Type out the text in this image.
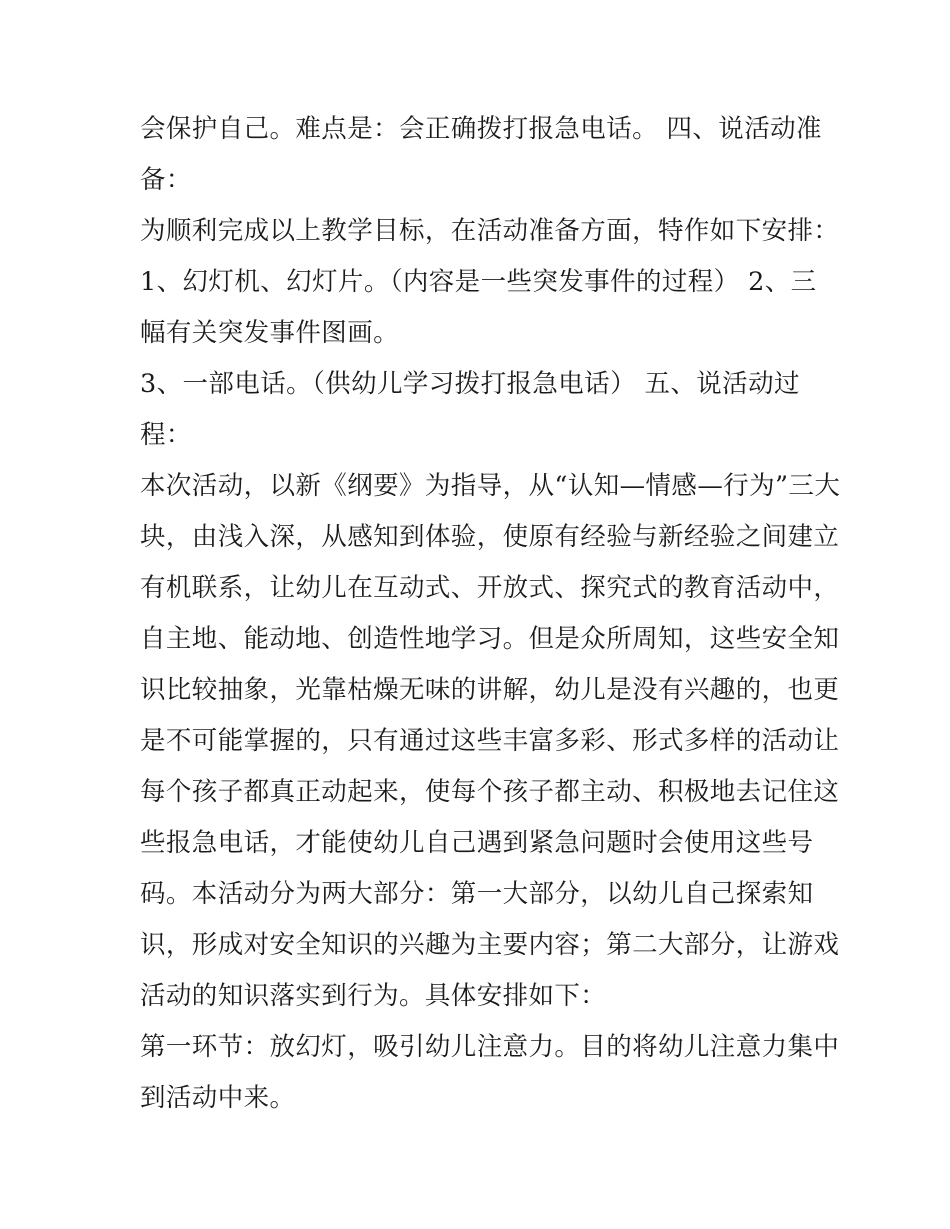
会保护自己。难点是：会正确拨打报急电话。 四、说活动准
备：
为顺利完成以上教学目标，在活动准备方面，特作如下安排：
1、幻灯机、幻灯片。（内容是一些突发事件的过程） 2、三
幅有关突发事件图画。
3、一部电话。（供幼儿学习拨打报急电话） 五、说活动过
程：
本次活动，以新《纲要》为指导，从“认知—情感—行为”三大
块，由浅入深，从感知到体验，使原有经验与新经验之间建立
有机联系，让幼儿在互动式、开放式、探究式的教育活动中，
自主地、能动地、创造性地学习。但是众所周知，这些安全知
识比较抽象，光靠枯燥无味的讲解，幼儿是没有兴趣的，也更
是不可能掌握的，只有通过这些丰富多彩、形式多样的活动让
每个孩子都真正动起来，使每个孩子都主动、积极地去记住这
些报急电话，才能使幼儿自己遇到紧急问题时会使用这些号
码。本活动分为两大部分：第一大部分，以幼儿自己探索知
识，形成对安全知识的兴趣为主要内容；第二大部分，让游戏
活动的知识落实到行为。具体安排如下：
第一环节：放幻灯，吸引幼儿注意力。目的将幼儿注意力集中
到活动中来。
